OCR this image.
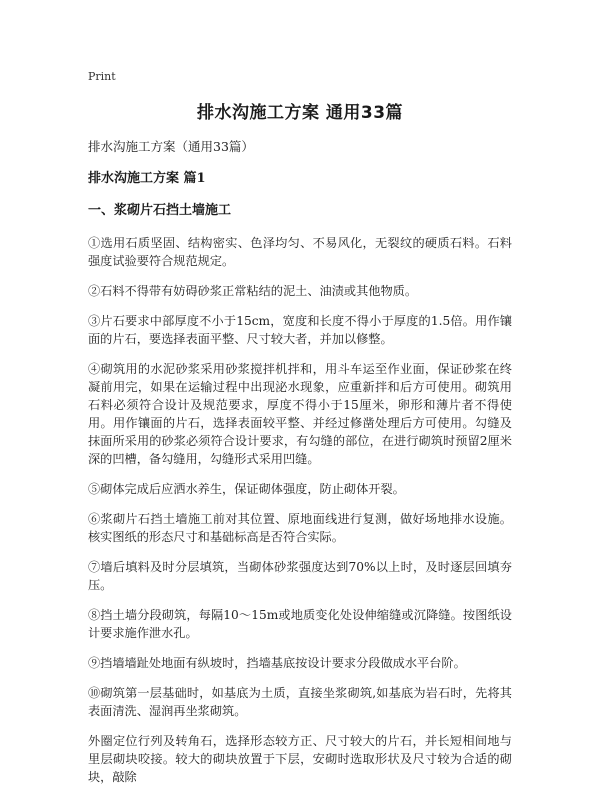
Print
排水沟施工方案 通用33篇
排水沟施工方案（通用33篇）
排水沟施工方案 篇1
一、浆砌片石挡土墙施工

①选用石质坚固、结构密实、色泽均匀、不易风化，无裂纹的硬质石料。石料强度试验要符合规范规定。

②石料不得带有妨碍砂浆正常粘结的泥土、油渍或其他物质。

③片石要求中部厚度不小于15cm，宽度和长度不得小于厚度的1.5倍。用作镶面的片石，要选择表面平整、尺寸较大者，并加以修整。

④砌筑用的水泥砂浆采用砂浆搅拌机拌和，用斗车运至作业面，保证砂浆在终凝前用完，如果在运输过程中出现泌水现象，应重新拌和后方可使用。砌筑用石料必须符合设计及规范要求，厚度不得小于15厘米，卵形和薄片者不得使用。用作镶面的片石，选择表面较平整、并经过修凿处理后方可使用。勾缝及抹面所采用的砂浆必须符合设计要求，有勾缝的部位，在进行砌筑时预留2厘米深的凹槽，备勾缝用，勾缝形式采用凹缝。

⑤砌体完成后应洒水养生，保证砌体强度，防止砌体开裂。

⑥浆砌片石挡土墙施工前对其位置、原地面线进行复测，做好场地排水设施。核实图纸的形态尺寸和基础标高是否符合实际。

⑦墙后填料及时分层填筑，当砌体砂浆强度达到70%以上时，及时逐层回填夯压。

⑧挡土墙分段砌筑，每隔10～15m或地质变化处设伸缩缝或沉降缝。按图纸设计要求施作泄水孔。

⑨挡墙墙趾处地面有纵坡时，挡墙基底按设计要求分段做成水平台阶。

⑩砌筑第一层基础时，如基底为土质，直接坐浆砌筑,如基底为岩石时，先将其表面清洗、湿润再坐浆砌筑。

外圈定位行列及转角石，选择形态较方正、尺寸较大的片石，并长短相间地与里层砌块咬接。较大的砌块放置于下层，安砌时选取形状及尺寸较为合适的砌块，敲除
